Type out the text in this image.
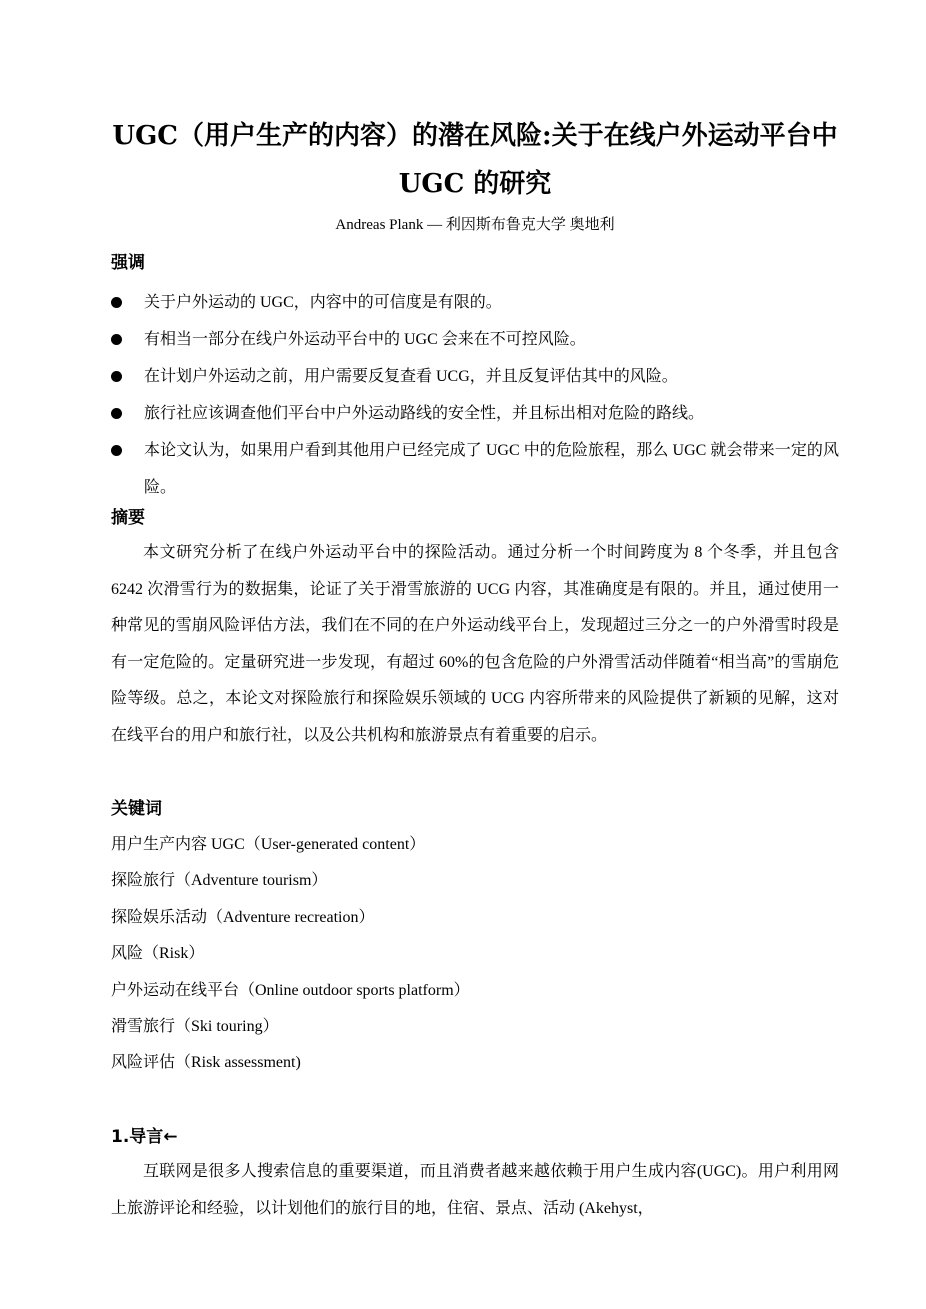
UGC（用户生产的内容）的潜在风险:关于在线户外运动平台中 UGC 的研究
Andreas Plank — 利因斯布鲁克大学 奥地利
强调
关于户外运动的 UGC，内容中的可信度是有限的。
有相当一部分在线户外运动平台中的 UGC 会来在不可控风险。
在计划户外运动之前，用户需要反复查看 UCG，并且反复评估其中的风险。
旅行社应该调查他们平台中户外运动路线的安全性，并且标出相对危险的路线。
本论文认为，如果用户看到其他用户已经完成了 UGC 中的危险旅程，那么 UGC 就会带来一定的风险。
摘要

本文研究分析了在线户外运动平台中的探险活动。通过分析一个时间跨度为 8 个冬季，并且包含 6242 次滑雪行为的数据集，论证了关于滑雪旅游的 UCG 内容，其准确度是有限的。并且，通过使用一种常见的雪崩风险评估方法，我们在不同的在户外运动线平台上，发现超过三分之一的户外滑雪时段是有一定危险的。定量研究进一步发现，有超过 60%的包含危险的户外滑雪活动伴随着“相当高”的雪崩危险等级。总之，本论文对探险旅行和探险娱乐领域的 UCG 内容所带来的风险提供了新颖的见解，这对在线平台的用户和旅行社，以及公共机构和旅游景点有着重要的启示。

关键词
用户生产内容 UGC（User-generated content）
探险旅行（Adventure tourism）
探险娱乐活动（Adventure recreation）
风险（Risk）
户外运动在线平台（Online outdoor sports platform）
滑雪旅行（Ski touring）
风险评估（Risk assessment)
1.导言←

互联网是很多人搜索信息的重要渠道，而且消费者越来越依赖于用户生成内容(UGC)。用户利用网上旅游评论和经验，以计划他们的旅行目的地，住宿、景点、活动 (Akehyst，
